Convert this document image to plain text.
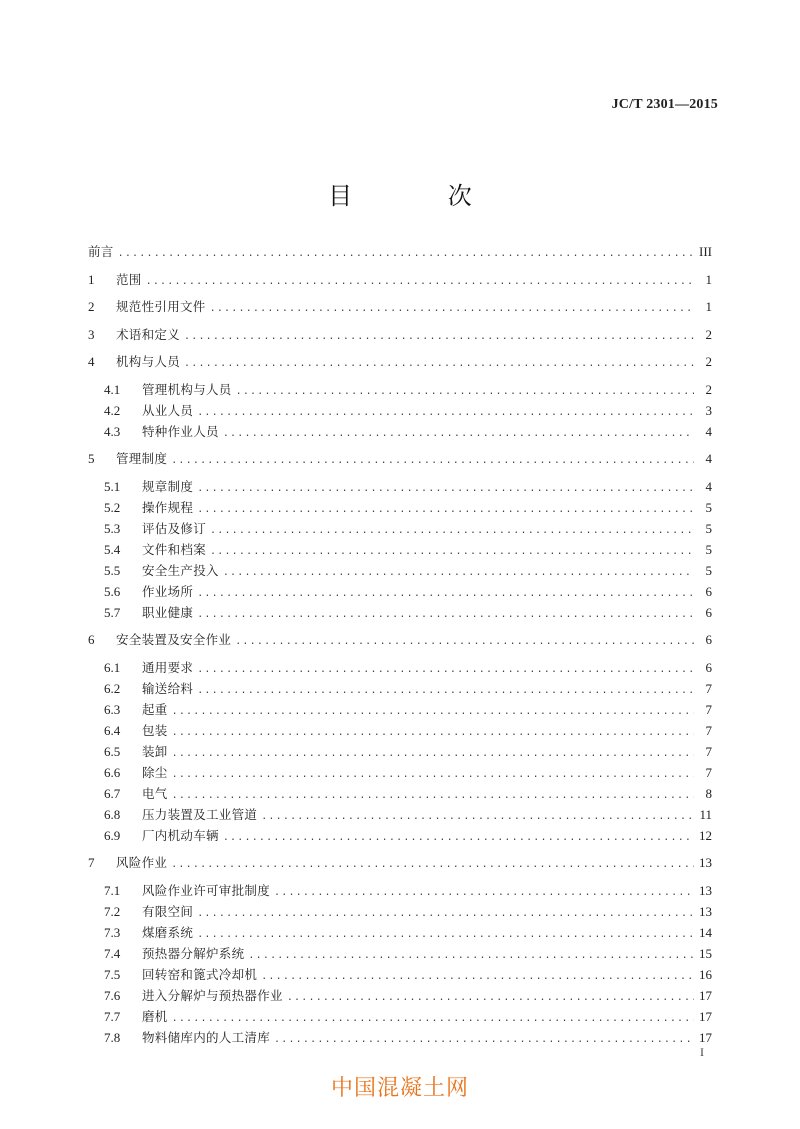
JC/T 2301—2015
目 次
前言 .....	III
1	范围 .....	1
2	规范性引用文件 .....	1
3	术语和定义 .....	2
4	机构与人员 .....	2
4.1	管理机构与人员 .....	2
4.2	从业人员 .....	3
4.3	特种作业人员 .....	4
5	管理制度 .....	4
5.1	规章制度 .....	4
5.2	操作规程 .....	5
5.3	评估及修订 .....	5
5.4	文件和档案 .....	5
5.5	安全生产投入 .....	5
5.6	作业场所 .....	6
5.7	职业健康 .....	6
6	安全装置及安全作业 .....	6
6.1	通用要求 .....	6
6.2	输送给料 .....	7
6.3	起重 .....	7
6.4	包装 .....	7
6.5	装卸 .....	7
6.6	除尘 .....	7
6.7	电气 .....	8
6.8	压力装置及工业管道 .....	11
6.9	厂内机动车辆 .....	12
7	风险作业 .....	13
7.1	风险作业许可审批制度 .....	13
7.2	有限空间 .....	13
7.3	煤磨系统 .....	14
7.4	预热器分解炉系统 .....	15
7.5	回转窑和篦式冷却机 .....	16
7.6	进入分解炉与预热器作业 .....	17
7.7	磨机 .....	17
7.8	物料储库内的人工清库 .....	17
I
中国混凝土网
